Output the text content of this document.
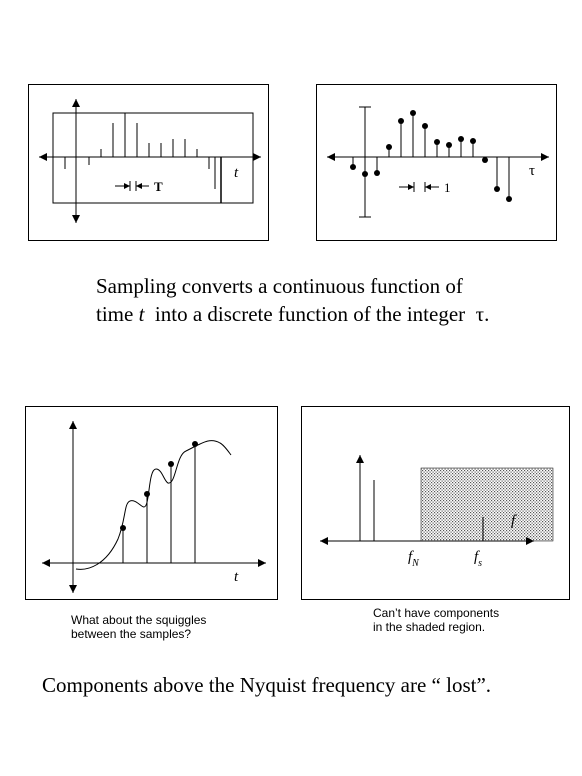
T
t
1
τ
Sampling converts a continuous function of
time t  into a discrete function of the integer  τ.
t
$f_N$	$f_s$
f
What about the squiggles
between the samples?
Can’t have components
in the shaded region.
Components above the Nyquist frequency are “ lost”.
